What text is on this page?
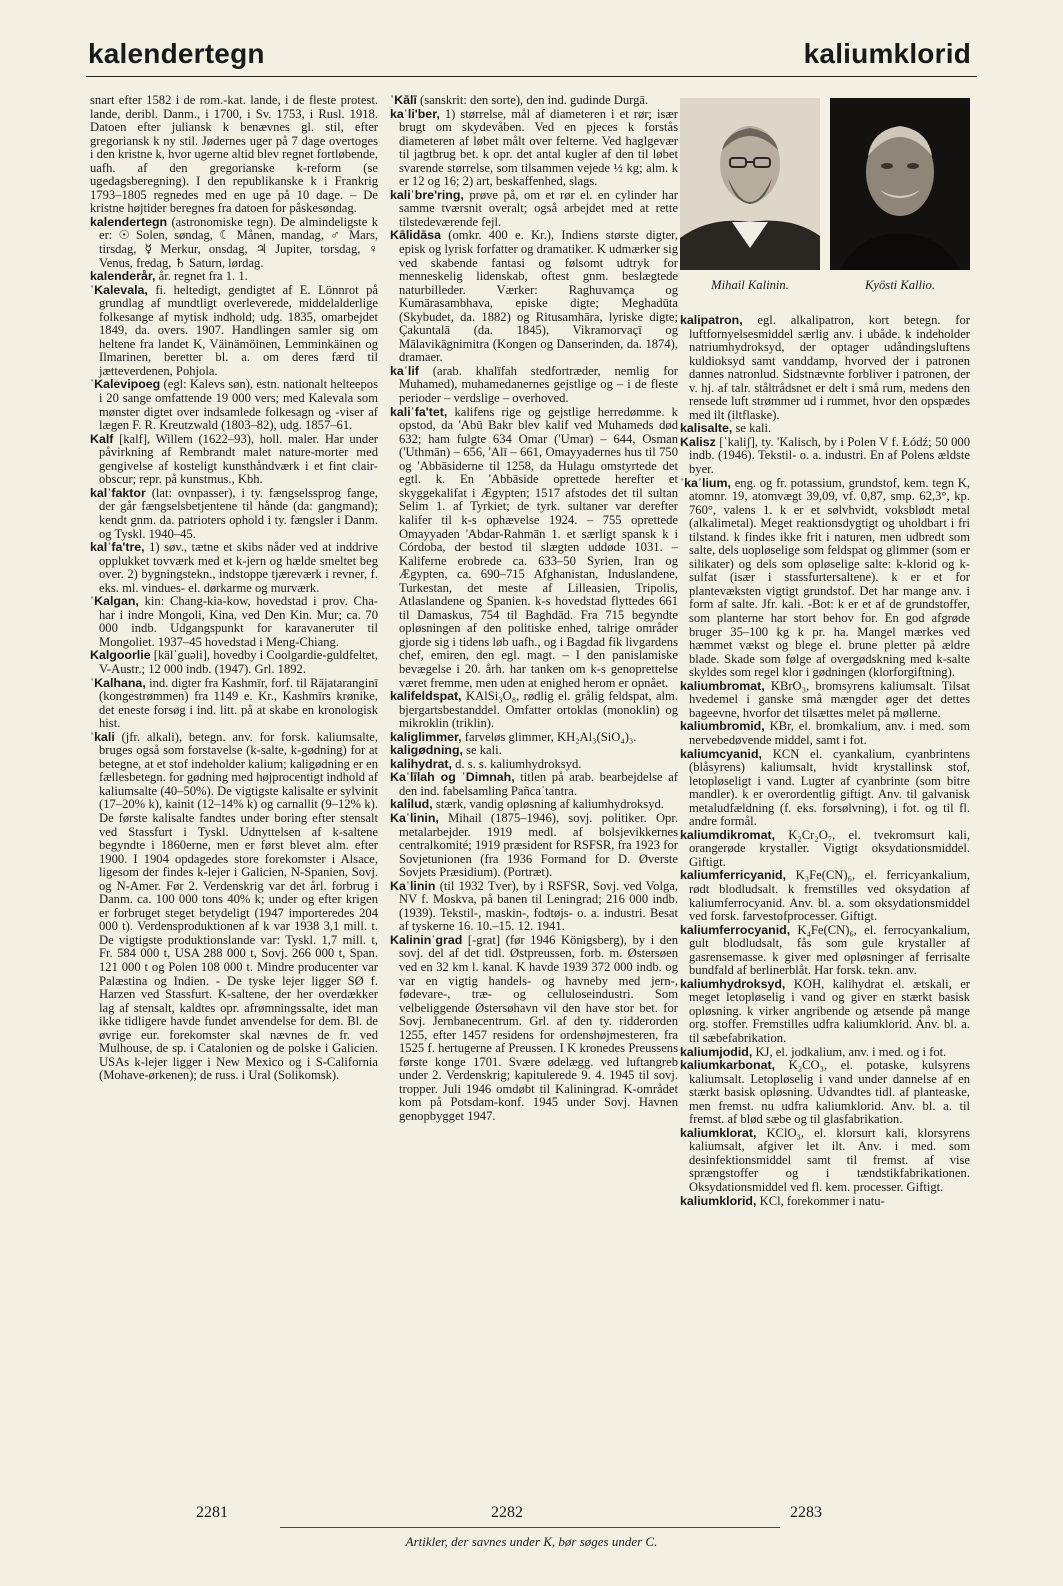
kalendertegn	kaliumklorid

snart efter 1582 i de rom.-kat. lande, i de fleste protest. lande, deribl. Danm., i 1700, i Sv. 1753, i Rusl. 1918. Datoen efter juliansk k benævnes gl. stil, efter gregoriansk k ny stil. Jødernes uger på 7 dage overtoges i den kristne k, hvor ugerne altid blev regnet fortløbende, uafh. af den gregorianske k-reform (se ugedagsberegning). I den republikanske k i Frankrig 1793–1805 regnedes med en uge på 10 dage. – De kristne højtider beregnes fra datoen for påskesøndag.

kalendertegn (astronomiske tegn). De almindeligste k er: ☉ Solen, søndag, ☾ Månen, mandag, ♂ Mars, tirsdag, ☿ Merkur, onsdag, ♃ Jupiter, torsdag, ♀ Venus, fredag, ♄ Saturn, lørdag.

kalenderår, år. regnet fra 1. 1.

ˈKalevala, fi. heltedigt, gendigtet af E. Lönnrot på grundlag af mundtligt overleverede, middelalderlige folkesange af mytisk indhold; udg. 1835, omarbejdet 1849, da. overs. 1907. Handlingen samler sig om heltene fra landet K, Väinämöinen, Lemminkäinen og Ilmarinen, beretter bl. a. om deres færd til jætteverdenen, Pohjola.

ˈKalevipoeg (egl: Kalevs søn), estn. nationalt helteepos i 20 sange omfattende 19 000 vers; med Kalevala som mønster digtet over indsamlede folkesagn og -viser af lægen F. R. Kreutzwald (1803–82), udg. 1857–61.

Kalf [kalf], Willem (1622–93), holl. maler. Har under påvirkning af Rembrandt malet nature-morter med gengivelse af kosteligt kunsthåndværk i et fint clair-obscur; repr. på kunstmus., Kbh.

kalˈfaktor (lat: ovnpasser), i ty. fængselssprog fange, der går fængselsbetjentene til hånde (da: gangmand); kendt gnm. da. patrioters ophold i ty. fængsler i Danm. og Tyskl. 1940–45.

kalˈfa'tre, 1) søv., tætne et skibs nåder ved at inddrive opplukket tovværk med et k-jern og hælde smeltet beg over. 2) bygningstekn., indstoppe tjæreværk i revner, f. eks. ml. vindues- el. dørkarme og murværk.

ˈKalgan, kin: Chang-kia-kow, hovedstad i prov. Cha-har i indre Mongoli, Kina, ved Den Kin. Mur; ca. 70 000 indb. Udgangspunkt for karavaneruter til Mongoliet. 1937–45 hovedstad i Meng-Chiang.

Kalgoorlie [kälˈguəli], hovedby i Coolgardie-guldfeltet, V-Austr.; 12 000 indb. (1947). Grl. 1892.

ˈKalhana, ind. digter fra Kashmīr, forf. til Rājataranginī (kongestrømmen) fra 1149 e. Kr., Kashmīrs krønike, det eneste forsøg i ind. litt. på at skabe en kronologisk hist.

ˈkali (jfr. alkali), betegn. anv. for forsk. kaliumsalte, bruges også som forstavelse (k-salte, k-gødning) for at betegne, at et stof indeholder kalium; kaligødning er en fællesbetegn. for gødning med højprocentigt indhold af kaliumsalte (40–50%). De vigtigste kalisalte er sylvinit (17–20% k), kainit (12–14% k) og carnallit (9–12% k). De første kalisalte fandtes under boring efter stensalt ved Stassfurt i Tyskl. Udnyttelsen af k-saltene begyndte i 1860erne, men er først blevet alm. efter 1900. I 1904 opdagedes store forekomster i Alsace, ligesom der findes k-lejer i Galicien, N-Spanien, Sovj. og N-Amer. Før 2. Verdenskrig var det årl. forbrug i Danm. ca. 100 000 tons 40% k; under og efter krigen er forbruget steget betydeligt (1947 importeredes 204 000 t). Verdensproduktionen af k var 1938 3,1 mill. t. De vigtigste produktionslande var: Tyskl. 1,7 mill. t, Fr. 584 000 t, USA 288 000 t, Sovj. 266 000 t, Span. 121 000 t og Polen 108 000 t. Mindre producenter var Palæstina og Indien. - De tyske lejer ligger SØ f. Harzen ved Stassfurt. K-saltene, der her overdækker lag af stensalt, kaldtes opr. afrømningssalte, idet man ikke tidligere havde fundet anvendelse for dem. Bl. de øvrige eur. forekomster skal nævnes de fr. ved Mulhouse, de sp. i Catalonien og de polske i Galicien. USAs k-lejer ligger i New Mexico og i S-California (Mohave-ørkenen); de russ. i Ural (Solikomsk).

ˈKālī (sanskrit: den sorte), den ind. gudinde Durgā.

kaˈli'ber, 1) størrelse, mål af diameteren i et rør; især brugt om skydevåben. Ved en pjeces k forstås diameteren af løbet målt over felterne. Ved haglgevær til jagtbrug bet. k opr. det antal kugler af den til løbet svarende størrelse, som tilsammen vejede ½ kg; alm. k er 12 og 16; 2) art, beskaffenhed, slags.

kaliˈbre'ring, prøve på, om et rør el. en cylinder har samme tværsnit overalt; også arbejdet med at rette tilstedeværende fejl.

Kālidāsa (omkr. 400 e. Kr.), Indiens største digter, episk og lyrisk forfatter og dramatiker. K udmærker sig ved skabende fantasi og følsomt udtryk for menneskelig lidenskab, oftest gnm. beslægtede naturbilleder. Værker: Raghuvamça og Kumārasambhava, episke digte; Meghadūta (Skybudet, da. 1882) og Ritusamhāra, lyriske digte; Çakuntalā (da. 1845), Vikramorvaçī og Mālavikāgnimitra (Kongen og Danserinden, da. 1874), dramaer.

kaˈlif (arab. khalīfah stedfortræder, nemlig for Muhamed), muhamedanernes gejstlige og – i de fleste perioder – verdslige – overhoved.

kaliˈfa'tet, kalifens rige og gejstlige herredømme. k opstod, da 'Abū Bakr blev kalif ved Muhameds død 632; ham fulgte 634 Omar ('Umar) – 644, Osman ('Uthmān) – 656, 'Alī – 661, Omayyadernes hus til 750 og 'Abbāsiderne til 1258, da Hulagu omstyrtede det egtl. k. En 'Abbāside oprettede herefter et skyggekalifat i Ægypten; 1517 afstodes det til sultan Selim 1. af Tyrkiet; de tyrk. sultaner var derefter kalifer til k-s ophævelse 1924. – 755 oprettede Omayyaden 'Abdar-Rahmān 1. et særligt spansk k i Córdoba, der bestod til slægten uddøde 1031. – Kaliferne erobrede ca. 633–50 Syrien, Iran og Ægypten, ca. 690–715 Afghanistan, Induslandene, Turkestan, det meste af Lilleasien, Tripolis, Atlaslandene og Spanien. k-s hovedstad flyttedes 661 til Damaskus, 754 til Baghdād. Fra 715 begyndte opløsningen af den politiske enhed, talrige områder gjorde sig i tidens løb uafh., og i Bagdad fik livgardens chef, emiren, den egl. magt. – I den panislamiske bevægelse i 20. årh. har tanken om k-s genoprettelse været fremme, men uden at enighed herom er opnået.

kalifeldspat, KAlSi₃O₈, rødlig el. grålig feldspat, alm. bjergartsbestanddel. Omfatter ortoklas (monoklin) og mikroklin (triklin).

kaliglimmer, farveløs glimmer, KH₂Al₃(SiO₄)₃.

kaligødning, se kali.

kalihydrat, d. s. s. kaliumhydroksyd.

Kaˈlīlah og ˈDimnah, titlen på arab. bearbejdelse af den ind. fabelsamling Pañcaˈtantra.

kalilud, stærk, vandig opløsning af kaliumhydroksyd.

Kaˈlinin, Mihail (1875–1946), sovj. politiker. Opr. metalarbejder. 1919 medl. af bolsjevikkernes centralkomité; 1919 præsident for RSFSR, fra 1923 for Sovjetunionen (fra 1936 Formand for D. Øverste Sovjets Præsidium). (Portræt).

Kaˈlinin (til 1932 Tver), by i RSFSR, Sovj. ved Volga, NV f. Moskva, på banen til Leningrad; 216 000 indb. (1939). Tekstil-, maskin-, fodtøjs- o. a. industri. Besat af tyskerne 16. 10.–15. 12. 1941.

Kalininˈgrad [-grat] (før 1946 Königsberg), by i den sovj. del af det tidl. Østpreussen, forb. m. Østersøen ved en 32 km l. kanal. K havde 1939 372 000 indb. og var en vigtig handels- og havneby med jern-, fødevare-, træ- og celluloseindustri. Som velbeliggende Østersøhavn vil den have stor bet. for Sovj. Jernbanecentrum. Grl. af den ty. ridderorden 1255, efter 1457 residens for ordenshøjmesteren, fra 1525 f. hertugerne af Preussen. I K kronedes Preussens første konge 1701. Svære ødelægg. ved luftangreb under 2. Verdenskrig; kapitulerede 9. 4. 1945 til sovj. tropper. Juli 1946 omdøbt til Kaliningrad. K-området kom på Potsdam-konf. 1945 under Sovj. Havnen genopbygget 1947.

Mihail Kalinin.	Kyösti Kallio.

kalipatron, egl. alkalipatron, kort betegn. for luftfornyelsesmiddel særlig anv. i ubåde. k indeholder natriumhydroksyd, der optager udåndingsluftens kuldioksyd samt vanddamp, hvorved der i patronen dannes natronlud. Sidstnævnte forbliver i patronen, der v. hj. af talr. ståltrådsnet er delt i små rum, medens den rensede luft strømmer ud i rummet, hvor den opspædes med ilt (iltflaske).

kalisalte, se kali.

Kalisz [ˈkaliʃ], ty. 'Kalisch, by i Polen V f. Łódź; 50 000 indb. (1946). Tekstil- o. a. industri. En af Polens ældste byer.

ˈkaˈlium, eng. og fr. potassium, grundstof, kem. tegn K, atomnr. 19, atomvægt 39,09, vf. 0,87, smp. 62,3°, kp. 760°, valens 1. k er et sølvhvidt, voksblødt metal (alkalimetal). Meget reaktionsdygtigt og uholdbart i fri tilstand. k findes ikke frit i naturen, men udbredt som salte, dels uopløselige som feldspat og glimmer (som er silikater) og dels som opløselige salte: k-klorid og k-sulfat (især i stassfurtersaltene). k er et for plantevæksten vigtigt grundstof. Det har mange anv. i form af salte. Jfr. kali. -Bot: k er et af de grundstoffer, som planterne har stort behov for. En god afgrøde bruger 35–100 kg k pr. ha. Mangel mærkes ved hæmmet vækst og blege el. brune pletter på ældre blade. Skade som følge af overgødskning med k-salte skyldes som regel klor i gødningen (klorforgiftning).

kaliumbromat, KBrO₃, bromsyrens kaliumsalt. Tilsat hvedemel i ganske små mængder øger det dettes bageevne, hvorfor det tilsættes melet på møllerne.

kaliumbromid, KBr, el. bromkalium, anv. i med. som nervebedøvende middel, samt i fot.

kaliumcyanid, KCN el. cyankalium, cyanbrintens (blåsyrens) kaliumsalt, hvidt krystallinsk stof, letopløseligt i vand. Lugter af cyanbrinte (som bitre mandler). k er overordentlig giftigt. Anv. til galvanisk metaludfældning (f. eks. forsølvning), i fot. og til fl. andre formål.

kaliumdikromat, K₂Cr₂O₇, el. tvekromsurt kali, orangerøde krystaller. Vigtigt oksydationsmiddel. Giftigt.

kaliumferricyanid, K₃Fe(CN)₆, el. ferricyankalium, rødt blodludsalt. k fremstilles ved oksydation af kaliumferrocyanid. Anv. bl. a. som oksydationsmiddel ved forsk. farvestofprocesser. Giftigt.

kaliumferrocyanid, K₄Fe(CN)₆, el. ferrocyankalium, gult blodludsalt, fås som gule krystaller af gasrensemasse. k giver med opløsninger af ferrisalte bundfald af berlinerblåt. Har forsk. tekn. anv.

kaliumhydroksyd, KOH, kalihydrat el. ætskali, er meget letopløselig i vand og giver en stærkt basisk opløsning. k virker angribende og ætsende på mange org. stoffer. Fremstilles udfra kaliumklorid. Anv. bl. a. til sæbefabrikation.

kaliumjodid, KJ, el. jodkalium, anv. i med. og i fot.

kaliumkarbonat, K₂CO₃, el. potaske, kulsyrens kaliumsalt. Letopløselig i vand under dannelse af en stærkt basisk opløsning. Udvandtes tidl. af planteaske, men fremst. nu udfra kaliumklorid. Anv. bl. a. til fremst. af blød sæbe og til glasfabrikation.

kaliumklorat, KClO₃, el. klorsurt kali, klorsyrens kaliumsalt, afgiver let ilt. Anv. i med. som desinfektionsmiddel samt til fremst. af vise sprængstoffer og i tændstikfabrikationen. Oksydationsmiddel ved fl. kem. processer. Giftigt.

kaliumklorid, KCl, forekommer i natu-

2281	2282	2283
Artikler, der savnes under K, bør søges under C.
